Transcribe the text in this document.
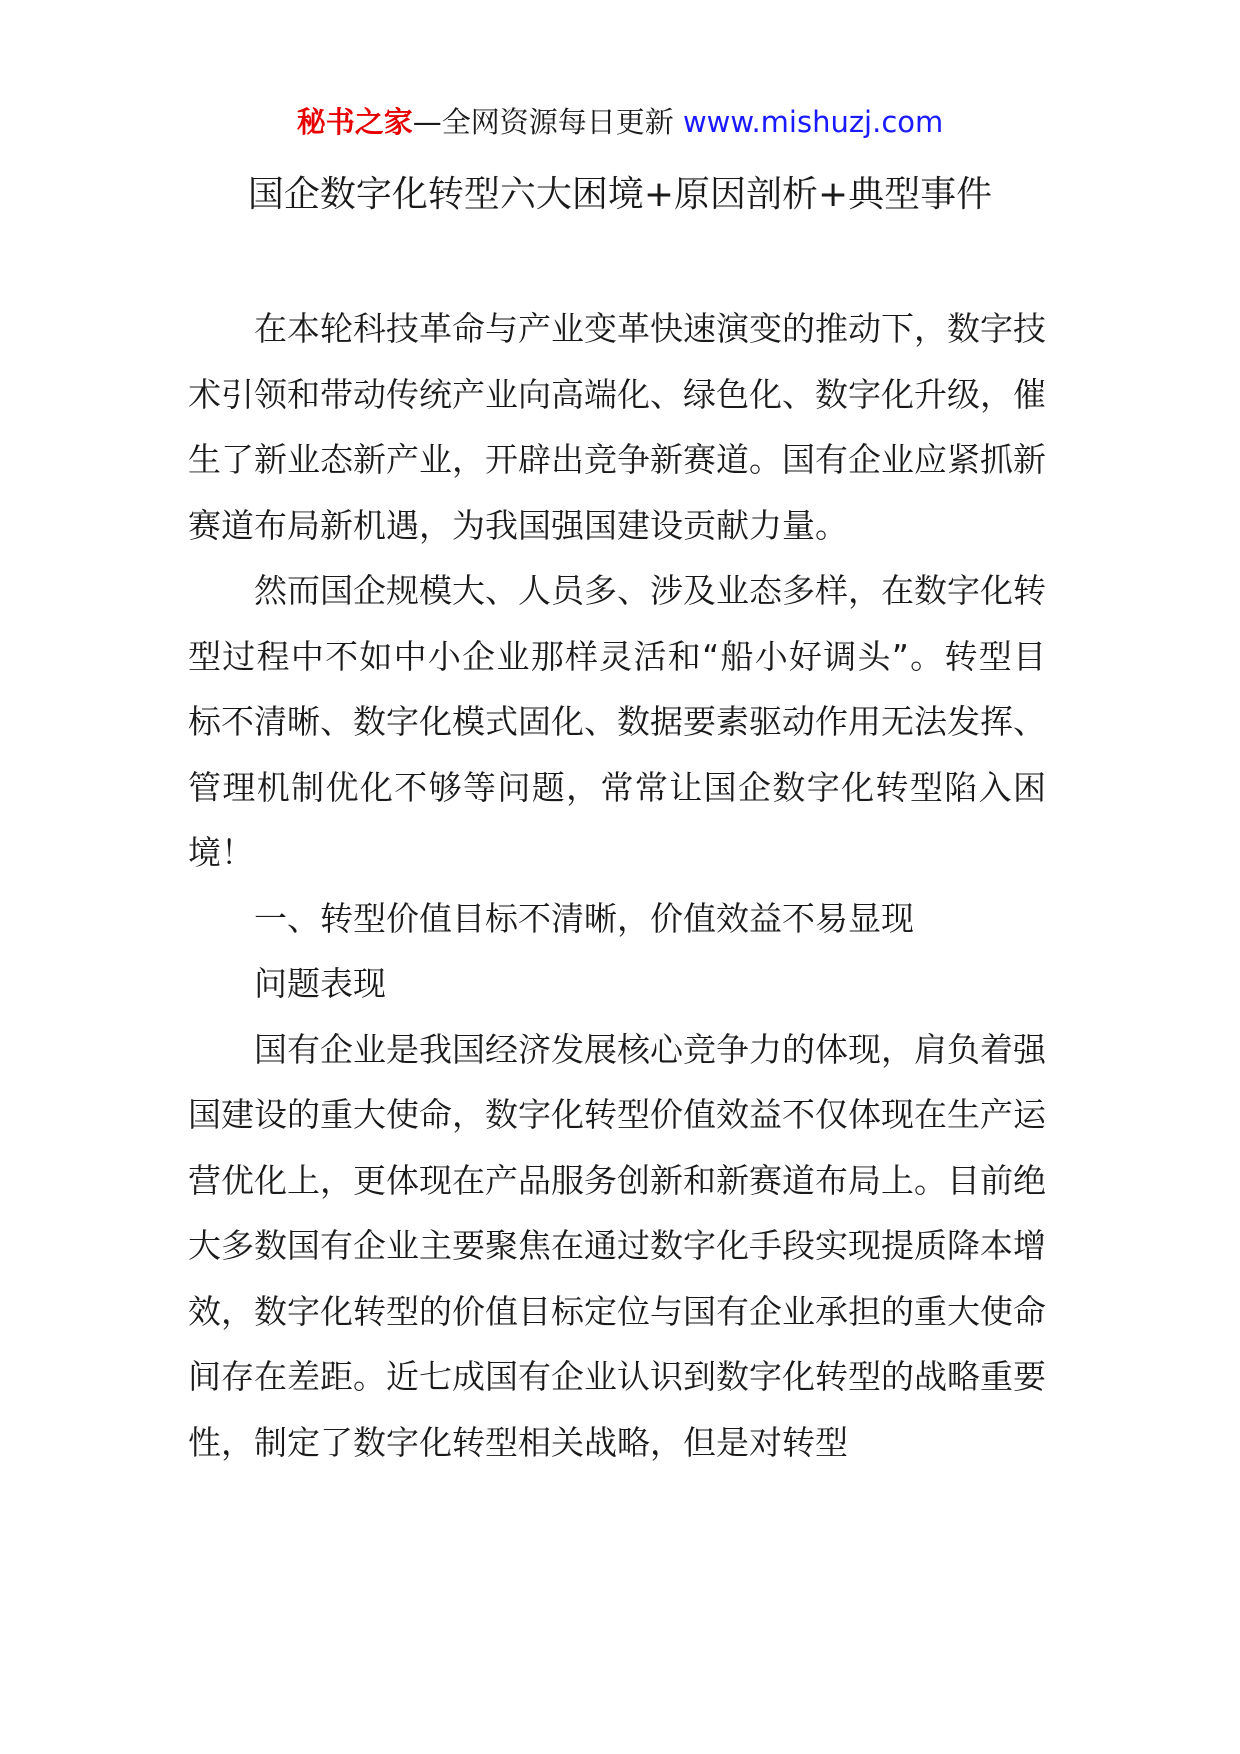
秘书之家—全网资源每日更新 www.mishuzj.com
国企数字化转型六大困境+原因剖析+典型事件

在本轮科技革命与产业变革快速演变的推动下，数字技术引领和带动传统产业向高端化、绿色化、数字化升级，催生了新业态新产业，开辟出竞争新赛道。国有企业应紧抓新赛道布局新机遇，为我国强国建设贡献力量。

然而国企规模大、人员多、涉及业态多样，在数字化转型过程中不如中小企业那样灵活和“船小好调头”。转型目标不清晰、数字化模式固化、数据要素驱动作用无法发挥、管理机制优化不够等问题，常常让国企数字化转型陷入困境！

一、转型价值目标不清晰，价值效益不易显现

问题表现

国有企业是我国经济发展核心竞争力的体现，肩负着强国建设的重大使命，数字化转型价值效益不仅体现在生产运营优化上，更体现在产品服务创新和新赛道布局上。目前绝大多数国有企业主要聚焦在通过数字化手段实现提质降本增效，数字化转型的价值目标定位与国有企业承担的重大使命间存在差距。近七成国有企业认识到数字化转型的战略重要性，制定了数字化转型相关战略，但是对转型
